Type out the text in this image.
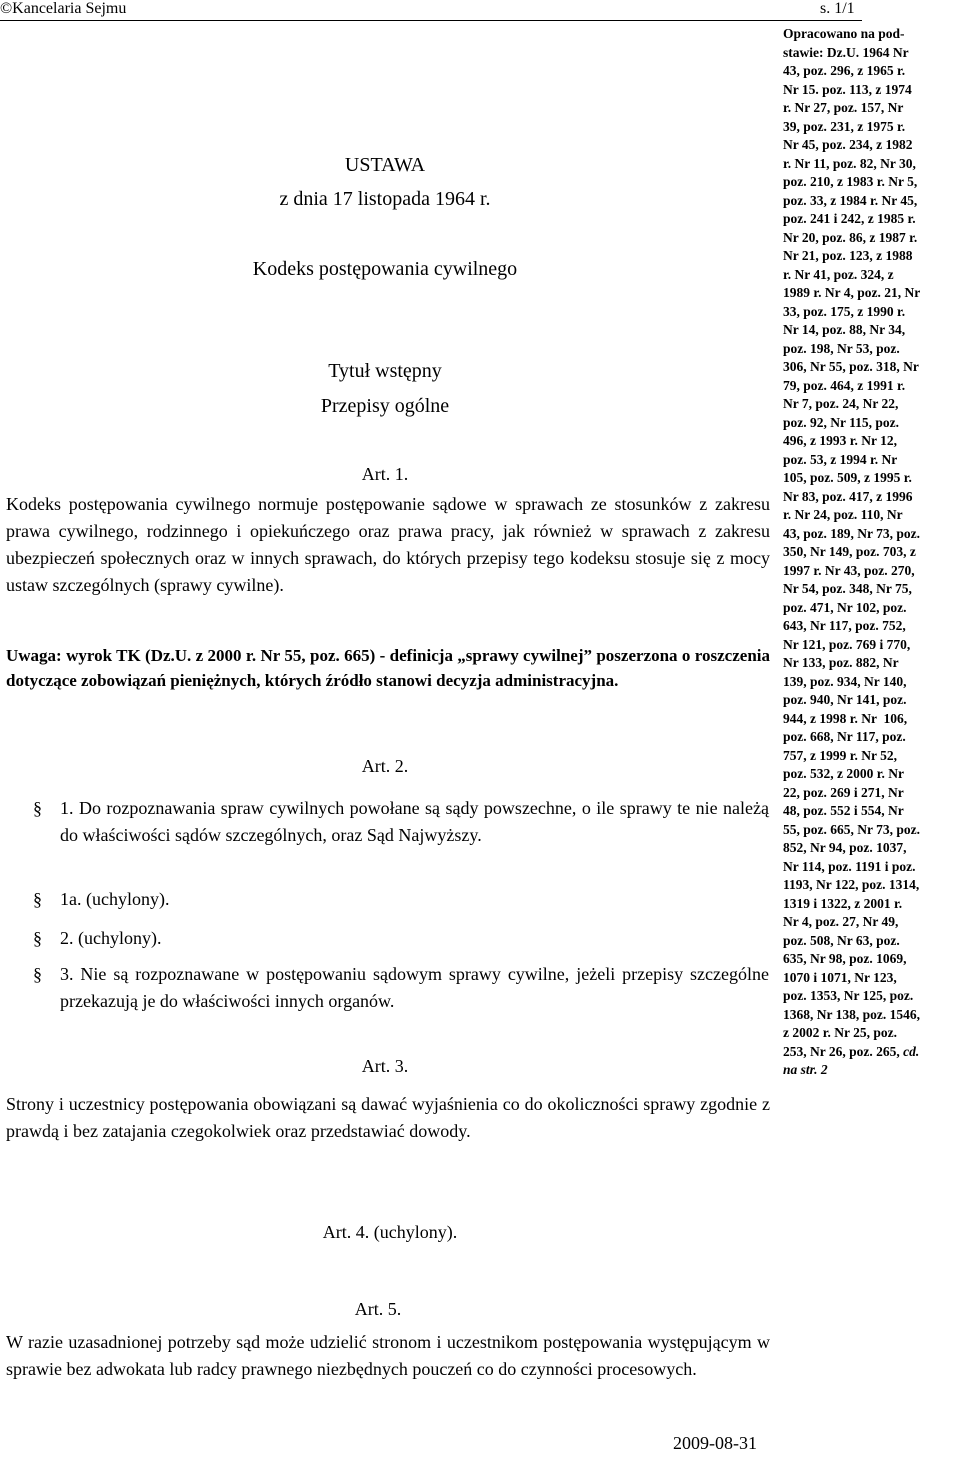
©Kancelaria Sejmu	s. 1/1
Opracowano na pod-
stawie: Dz.U. 1964 Nr
43, poz. 296, z 1965 r.
Nr 15. poz. 113, z 1974
r. Nr 27, poz. 157, Nr
39, poz. 231, z 1975 r.
Nr 45, poz. 234, z 1982
r. Nr 11, poz. 82, Nr 30,
poz. 210, z 1983 r. Nr 5,
poz. 33, z 1984 r. Nr 45,
poz. 241 i 242, z 1985 r.
Nr 20, poz. 86, z 1987 r.
Nr 21, poz. 123, z 1988
r. Nr 41, poz. 324, z
1989 r. Nr 4, poz. 21, Nr
33, poz. 175, z 1990 r.
Nr 14, poz. 88, Nr 34,
poz. 198, Nr 53, poz.
306, Nr 55, poz. 318, Nr
79, poz. 464, z 1991 r.
Nr 7, poz. 24, Nr 22,
poz. 92, Nr 115, poz.
496, z 1993 r. Nr 12,
poz. 53, z 1994 r. Nr
105, poz. 509, z 1995 r.
Nr 83, poz. 417, z 1996
r. Nr 24, poz. 110, Nr
43, poz. 189, Nr 73, poz.
350, Nr 149, poz. 703, z
1997 r. Nr 43, poz. 270,
Nr 54, poz. 348, Nr 75,
poz. 471, Nr 102, poz.
643, Nr 117, poz. 752,
Nr 121, poz. 769 i 770,
Nr 133, poz. 882, Nr
139, poz. 934, Nr 140,
poz. 940, Nr 141, poz.
944, z 1998 r. Nr  106,
poz. 668, Nr 117, poz.
757, z 1999 r. Nr 52,
poz. 532, z 2000 r. Nr
22, poz. 269 i 271, Nr
48, poz. 552 i 554, Nr
55, poz. 665, Nr 73, poz.
852, Nr 94, poz. 1037,
Nr 114, poz. 1191 i poz.
1193, Nr 122, poz. 1314,
1319 i 1322, z 2001 r.
Nr 4, poz. 27, Nr 49,
poz. 508, Nr 63, poz.
635, Nr 98, poz. 1069,
1070 i 1071, Nr 123,
poz. 1353, Nr 125, poz.
1368, Nr 138, poz. 1546,
z 2002 r. Nr 25, poz.
253, Nr 26, poz. 265, cd.
na str. 2
USTAWA
z dnia 17 listopada 1964 r.
Kodeks postępowania cywilnego
Tytuł wstępny
Przepisy ogólne
Art. 1.
Kodeks postępowania cywilnego normuje postępowanie sądowe w sprawach ze stosunków z zakresu prawa cywilnego, rodzinnego i opiekuńczego oraz prawa pracy, jak również w sprawach z zakresu ubezpieczeń społecznych oraz w innych sprawach, do których przepisy tego kodeksu stosuje się z mocy ustaw szczególnych (sprawy cywilne).
Uwaga: wyrok TK (Dz.U. z 2000 r. Nr 55, poz. 665) - definicja „sprawy cywilnej” poszerzona o roszczenia dotyczące zobowiązań pieniężnych, których źródło stanowi decyzja administracyjna.
Art. 2.
§ 1. Do rozpoznawania spraw cywilnych powołane są sądy powszechne, o ile sprawy te nie należą do właściwości sądów szczególnych, oraz Sąd Najwyższy.
§ 1a. (uchylony).
§ 2. (uchylony).
§ 3. Nie są rozpoznawane w postępowaniu sądowym sprawy cywilne, jeżeli przepisy szczególne przekazują je do właściwości innych organów.
Art. 3.
Strony i uczestnicy postępowania obowiązani są dawać wyjaśnienia co do okoliczności sprawy zgodnie z prawdą i bez zatajania czegokolwiek oraz przedstawiać dowody.
Art. 4. (uchylony).
Art. 5.
W razie uzasadnionej potrzeby sąd może udzielić stronom i uczestnikom postępowania występującym w sprawie bez adwokata lub radcy prawnego niezbędnych pouczeń co do czynności procesowych.
2009-08-31
